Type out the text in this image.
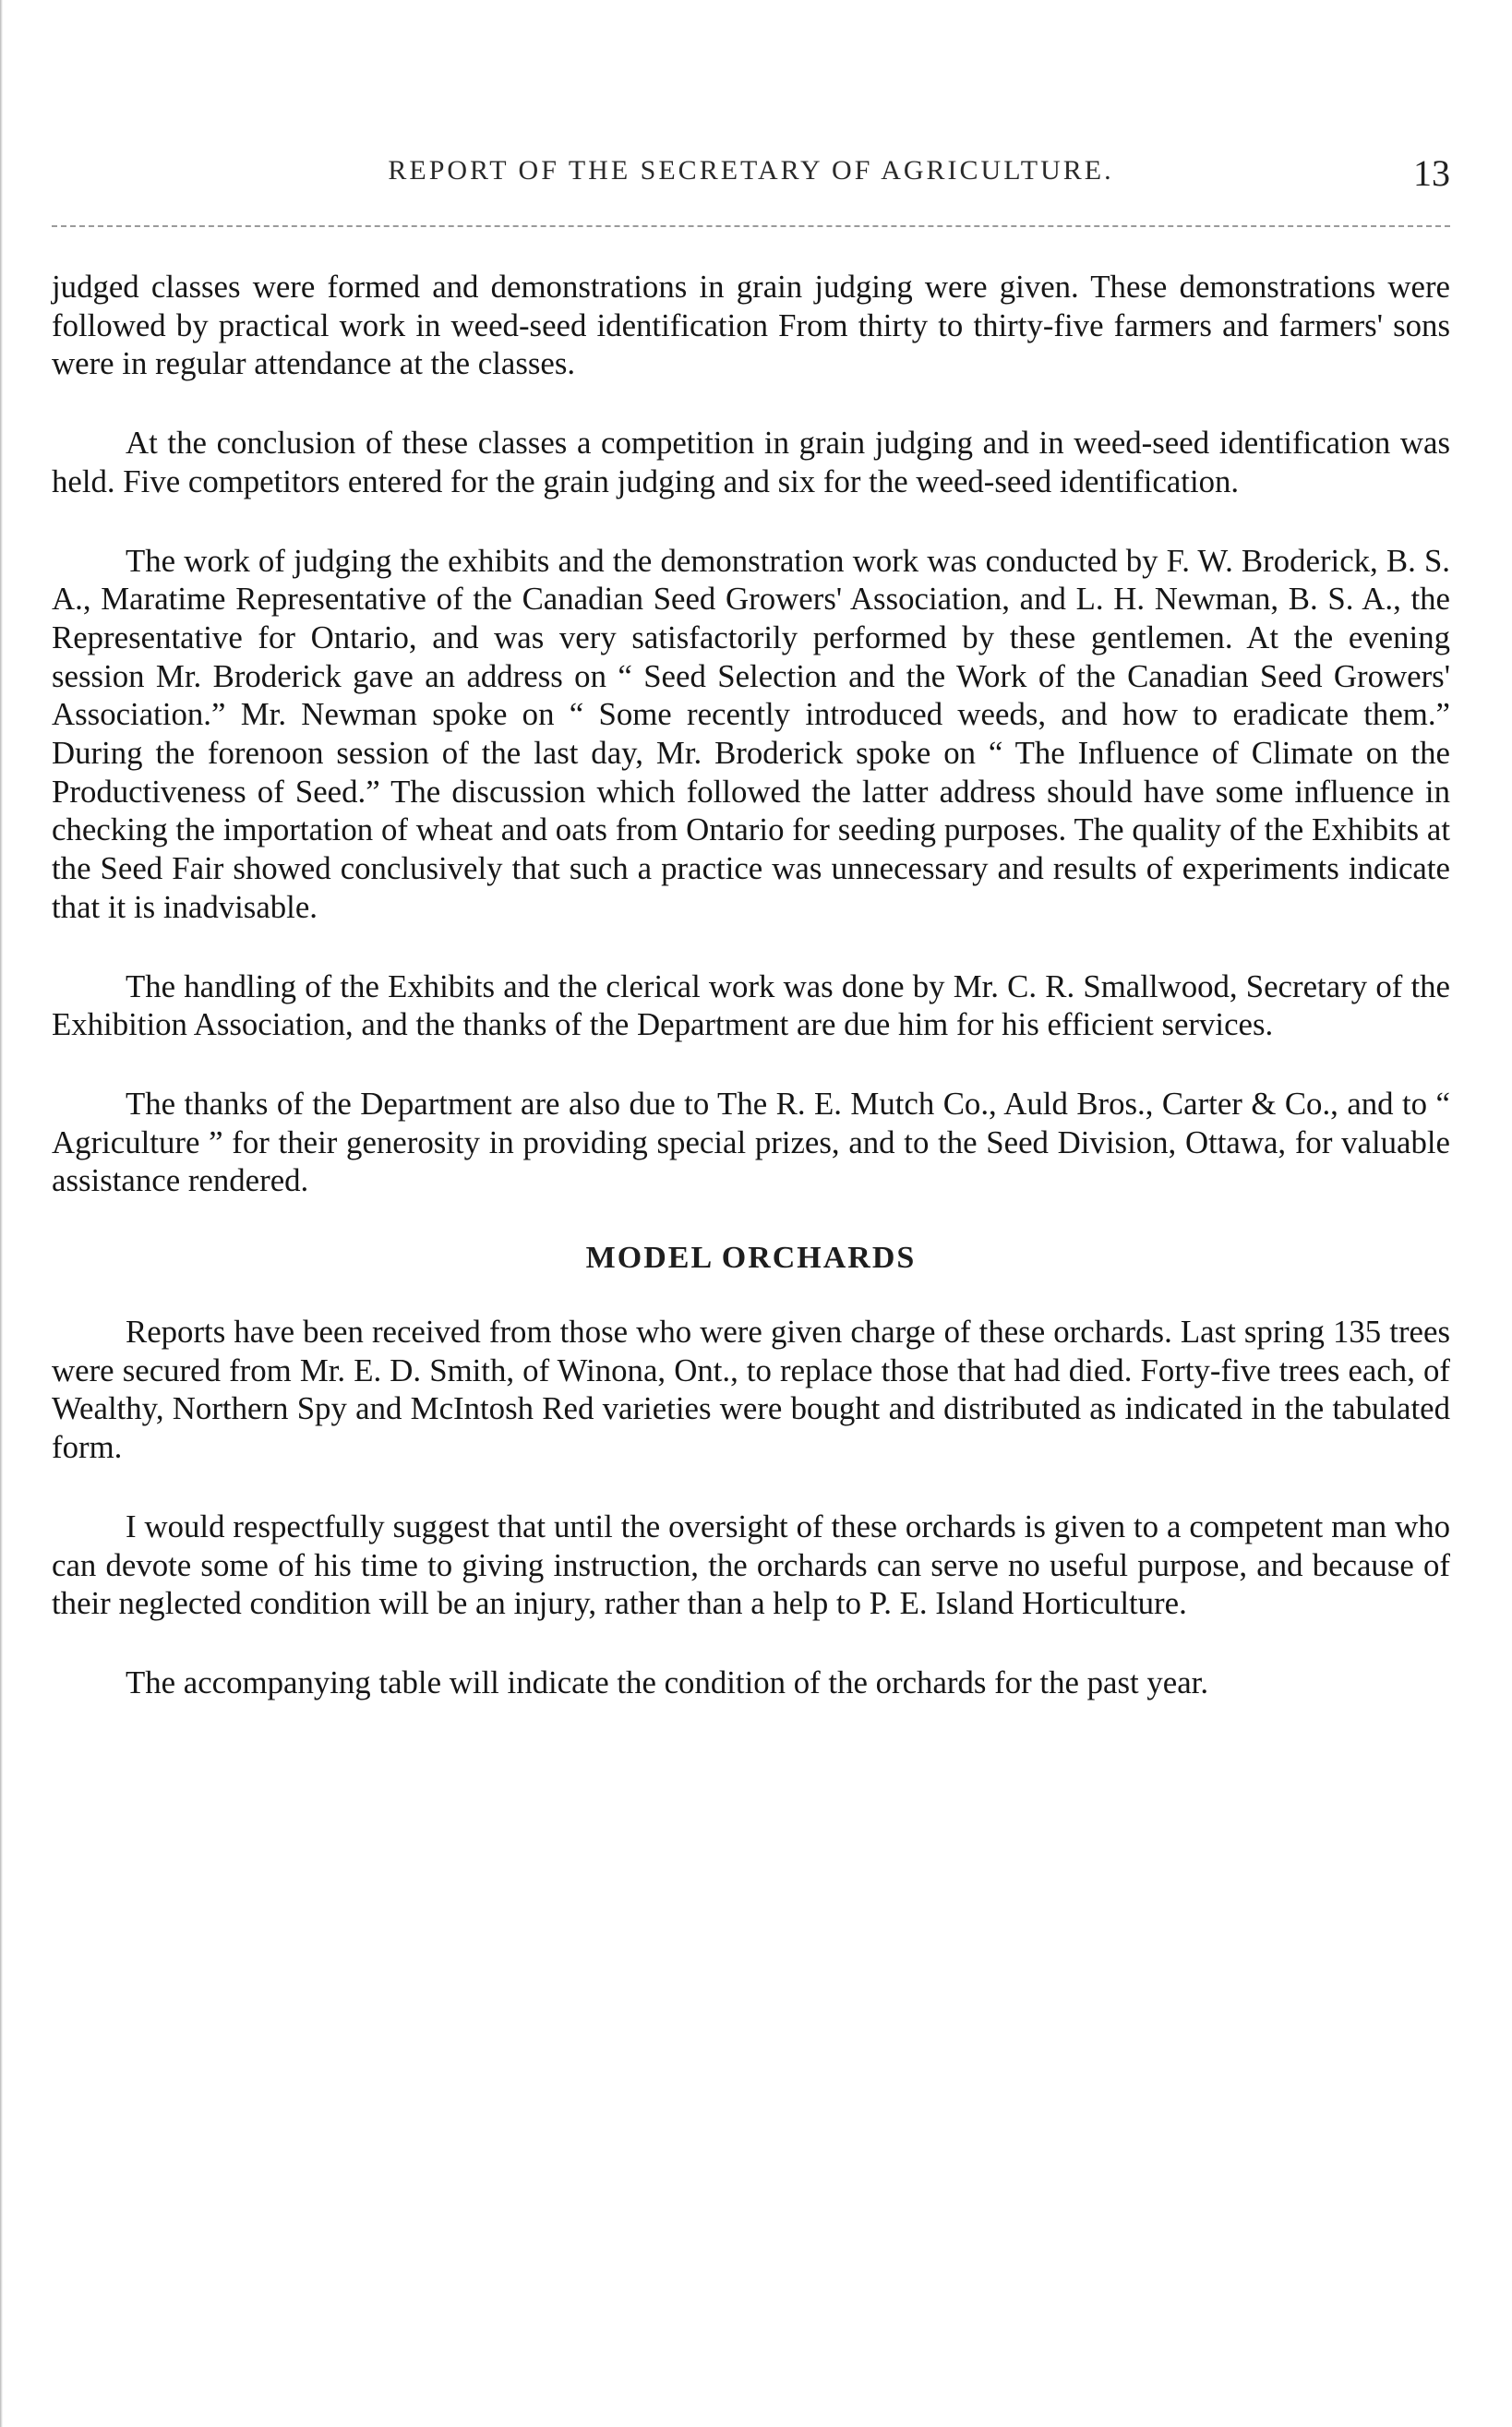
REPORT OF THE SECRETARY OF AGRICULTURE.	13

judged classes were formed and demonstrations in grain judging were given. These demonstrations were followed by practical work in weed-seed identification From thirty to thirty-five farmers and farmers' sons were in regular attendance at the classes.

At the conclusion of these classes a competition in grain judging and in weed-seed identification was held. Five competitors entered for the grain judging and six for the weed-seed identification.

The work of judging the exhibits and the demonstration work was conducted by F. W. Broderick, B. S. A., Maratime Representative of the Canadian Seed Growers' Association, and L. H. Newman, B. S. A., the Representative for Ontario, and was very satisfactorily performed by these gentlemen. At the evening session Mr. Broderick gave an address on “ Seed Selection and the Work of the Canadian Seed Growers' Association.” Mr. Newman spoke on “ Some recently introduced weeds, and how to eradicate them.” During the forenoon session of the last day, Mr. Broderick spoke on “ The Influence of Climate on the Productiveness of Seed.” The discussion which followed the latter address should have some influence in checking the importation of wheat and oats from Ontario for seeding purposes. The quality of the Exhibits at the Seed Fair showed conclusively that such a practice was unnecessary and results of experiments indicate that it is inadvisable.

The handling of the Exhibits and the clerical work was done by Mr. C. R. Smallwood, Secretary of the Exhibition Association, and the thanks of the Department are due him for his efficient services.

The thanks of the Department are also due to The R. E. Mutch Co., Auld Bros., Carter & Co., and to “ Agriculture ” for their generosity in providing special prizes, and to the Seed Division, Ottawa, for valuable assistance rendered.

MODEL ORCHARDS

Reports have been received from those who were given charge of these orchards. Last spring 135 trees were secured from Mr. E. D. Smith, of Winona, Ont., to replace those that had died. Forty-five trees each, of Wealthy, Northern Spy and McIntosh Red varieties were bought and distributed as indicated in the tabulated form.

I would respectfully suggest that until the oversight of these orchards is given to a competent man who can devote some of his time to giving instruction, the orchards can serve no useful purpose, and because of their neglected condition will be an injury, rather than a help to P. E. Island Horticulture.

The accompanying table will indicate the condition of the orchards for the past year.
